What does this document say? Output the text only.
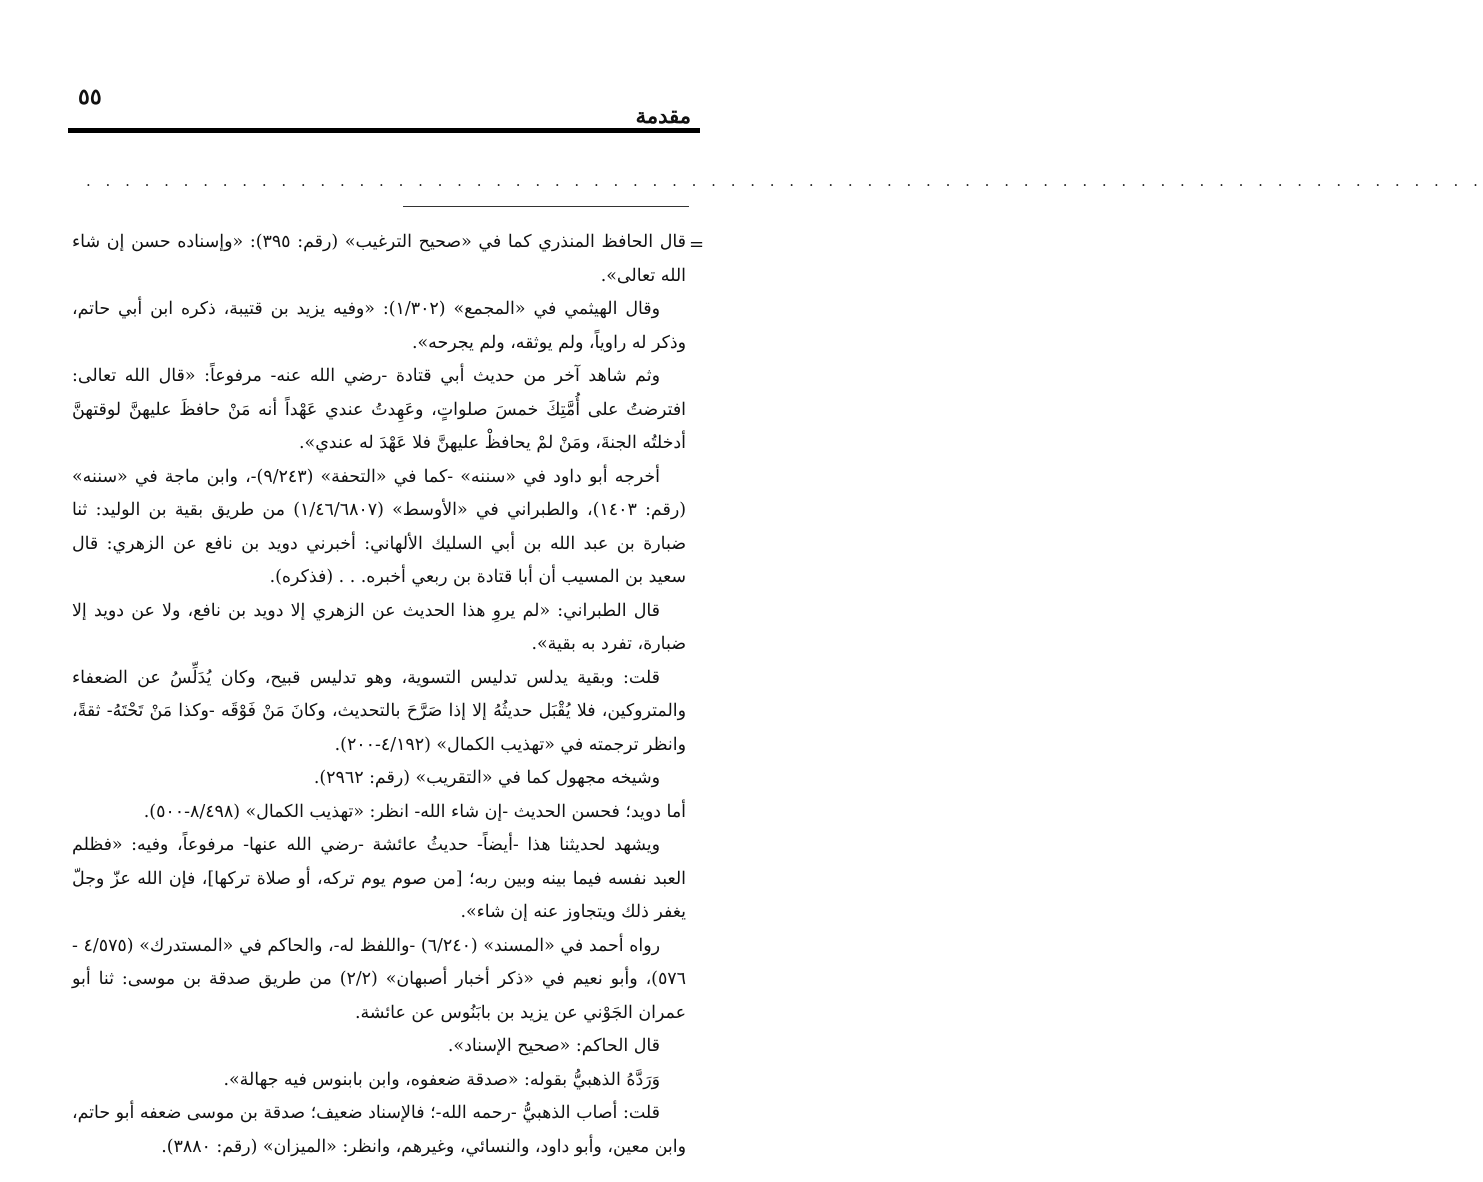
٥٥
مقدمة
. . . . . . . . . . . . . . . . . . . . . . . . . . . . . . . . . . . . . . . . . . . . . . . . . . . . . . . . . . . . . . . . . . . . . . . .
=

قال الحافظ المنذري كما في «صحيح الترغيب» (رقم: ٣٩٥): «وإسناده حسن إن شاء الله تعالى».

وقال الهيثمي في «المجمع» (١/٣٠٢): «وفيه يزيد بن قتيبة، ذكره ابن أبي حاتم، وذكر له راوياً، ولم يوثقه، ولم يجرحه».

وثم شاهد آخر من حديث أبي قتادة -رضي الله عنه- مرفوعاً: «قال الله تعالى: افترضتُ على أُمَّتِكَ خمسَ صلواتٍ، وعَهِدتُ عندي عَهْداً أنه مَنْ حافظَ عليهنَّ لوقتهنَّ أدخلتُه الجنةَ، ومَنْ لمْ يحافظْ عليهنَّ فلا عَهْدَ له عندي».

أخرجه أبو داود في «سننه» -كما في «التحفة» (٩/٢٤٣)-، وابن ماجة في «سننه» (رقم: ١٤٠٣)، والطبراني في «الأوسط» (١/٤٦/٦٨٠٧) من طريق بقية بن الوليد: ثنا ضبارة بن عبد الله بن أبي السليك الألهاني: أخبرني دويد بن نافع عن الزهري: قال سعيد بن المسيب أن أبا قتادة بن ربعي أخبره. . . (فذكره).

قال الطبراني: «لم يروِ هذا الحديث عن الزهري إلا دويد بن نافع، ولا عن دويد إلا ضبارة، تفرد به بقية».

قلت: وبقية يدلس تدليس التسوية، وهو تدليس قبيح، وكان يُدَلِّسُ عن الضعفاء والمتروكين، فلا يُقْبَل حديثُهُ إلا إذا صَرَّحَ بالتحديث، وكانَ مَنْ فَوْقَه -وكذا مَنْ تَحْتَهُ- ثقةً، وانظر ترجمته في «تهذيب الكمال» (٤/١٩٢-٢٠٠).

وشيخه مجهول كما في «التقريب» (رقم: ٢٩٦٢).

أما دويد؛ فحسن الحديث -إن شاء الله- انظر: «تهذيب الكمال» (٨/٤٩٨-٥٠٠).

ويشهد لحديثنا هذا -أيضاً- حديثُ عائشة -رضي الله عنها- مرفوعاً، وفيه: «فظلم العبد نفسه فيما بينه وبين ربه؛ [من صوم يوم تركه، أو صلاة تركها]، فإن الله عزّ وجلّ يغفر ذلك ويتجاوز عنه إن شاء».

رواه أحمد في «المسند» (٦/٢٤٠) -واللفظ له-، والحاكم في «المستدرك» (٤/٥٧٥ - ٥٧٦)، وأبو نعيم في «ذكر أخبار أصبهان» (٢/٢) من طريق صدقة بن موسى: ثنا أبو عمران الجَوْني عن يزيد بن بابَنُوس عن عائشة.

قال الحاكم: «صحيح الإسناد».

وَرَدَّهُ الذهبيُّ بقوله: «صدقة ضعفوه، وابن بابنوس فيه جهالة».

قلت: أصاب الذهبيُّ -رحمه الله-؛ فالإسناد ضعيف؛ صدقة بن موسى ضعفه أبو حاتم، وابن معين، وأبو داود، والنسائي، وغيرهم، وانظر: «الميزان» (رقم: ٣٨٨٠).
